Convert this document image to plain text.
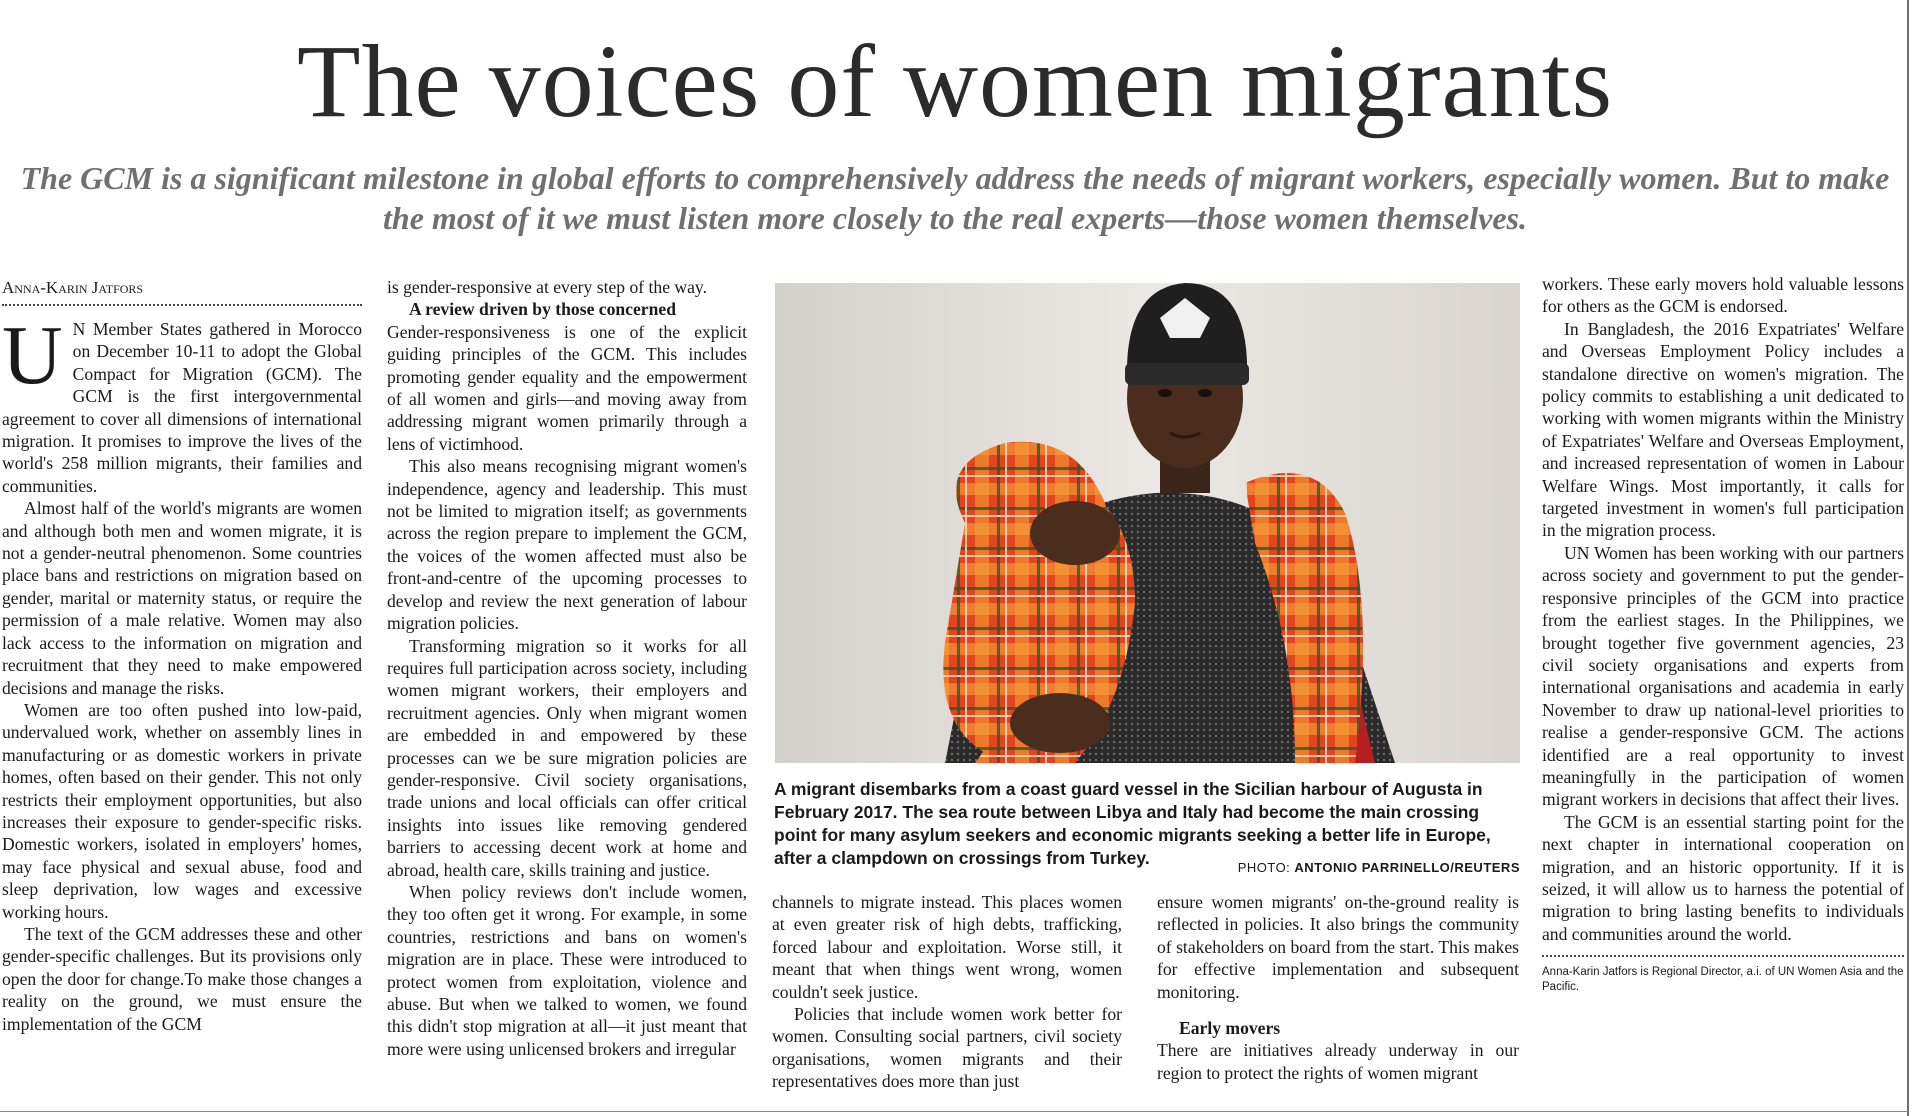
The voices of women migrants

The GCM is a significant milestone in global efforts to comprehensively address the needs of migrant workers, especially women. But to make the most of it we must listen more closely to the real experts—those women themselves.

Anna-Karin Jatfors

U N Member States gathered in Morocco on December 10-11 to adopt the Global Compact for Migration (GCM). The GCM is the first intergovernmental agreement to cover all dimensions of international migration. It promises to improve the lives of the world's 258 million migrants, their families and communities.

Almost half of the world's migrants are women and although both men and women migrate, it is not a gender-neutral phenomenon. Some countries place bans and restrictions on migration based on gender, marital or maternity status, or require the permission of a male relative. Women may also lack access to the information on migration and recruitment that they need to make empowered decisions and manage the risks.

Women are too often pushed into low-paid, undervalued work, whether on assembly lines in manufacturing or as domestic workers in private homes, often based on their gender. This not only restricts their employment opportunities, but also increases their exposure to gender-specific risks. Domestic workers, isolated in employers' homes, may face physical and sexual abuse, food and sleep deprivation, low wages and excessive working hours.

The text of the GCM addresses these and other gender-specific challenges. But its provisions only open the door for change.To make those changes a reality on the ground, we must ensure the implementation of the GCM

is gender-responsive at every step of the way.

A review driven by those concerned

Gender-responsiveness is one of the explicit guiding principles of the GCM. This includes promoting gender equality and the empowerment of all women and girls—and moving away from addressing migrant women primarily through a lens of victimhood.

This also means recognising migrant women's independence, agency and leadership. This must not be limited to migration itself; as governments across the region prepare to implement the GCM, the voices of the women affected must also be front-and-centre of the upcoming processes to develop and review the next generation of labour migration policies.

Transforming migration so it works for all requires full participation across society, including women migrant workers, their employers and recruitment agencies. Only when migrant women are embedded in and empowered by these processes can we be sure migration policies are gender-responsive. Civil society organisations, trade unions and local officials can offer critical insights into issues like removing gendered barriers to accessing decent work at home and abroad, health care, skills training and justice.

When policy reviews don't include women, they too often get it wrong. For example, in some countries, restrictions and bans on women's migration are in place. These were introduced to protect women from exploitation, violence and abuse. But when we talked to women, we found this didn't stop migration at all—it just meant that more were using unlicensed brokers and irregular

A migrant disembarks from a coast guard vessel in the Sicilian harbour of Augusta in February 2017. The sea route between Libya and Italy had become the main crossing point for many asylum seekers and economic migrants seeking a better life in Europe, after a clampdown on crossings from Turkey.	PHOTO: ANTONIO PARRINELLO/REUTERS

channels to migrate instead. This places women at even greater risk of high debts, trafficking, forced labour and exploitation. Worse still, it meant that when things went wrong, women couldn't seek justice.

Policies that include women work better for women. Consulting social partners, civil society organisations, women migrants and their representatives does more than just

ensure women migrants' on-the-ground reality is reflected in policies. It also brings the community of stakeholders on board from the start. This makes for effective implementation and subsequent monitoring.

Early movers

There are initiatives already underway in our region to protect the rights of women migrant

workers. These early movers hold valuable lessons for others as the GCM is endorsed.

In Bangladesh, the 2016 Expatriates' Welfare and Overseas Employment Policy includes a standalone directive on women's migration. The policy commits to establishing a unit dedicated to working with women migrants within the Ministry of Expatriates' Welfare and Overseas Employment, and increased representation of women in Labour Welfare Wings. Most importantly, it calls for targeted investment in women's full participation in the migration process.

UN Women has been working with our partners across society and government to put the gender-responsive principles of the GCM into practice from the earliest stages. In the Philippines, we brought together five government agencies, 23 civil society organisations and experts from international organisations and academia in early November to draw up national-level priorities to realise a gender-responsive GCM. The actions identified are a real opportunity to invest meaningfully in the participation of women migrant workers in decisions that affect their lives.

The GCM is an essential starting point for the next chapter in international cooperation on migration, and an historic opportunity. If it is seized, it will allow us to harness the potential of migration to bring lasting benefits to individuals and communities around the world.

Anna-Karin Jatfors is Regional Director, a.i. of UN Women Asia and the Pacific.
